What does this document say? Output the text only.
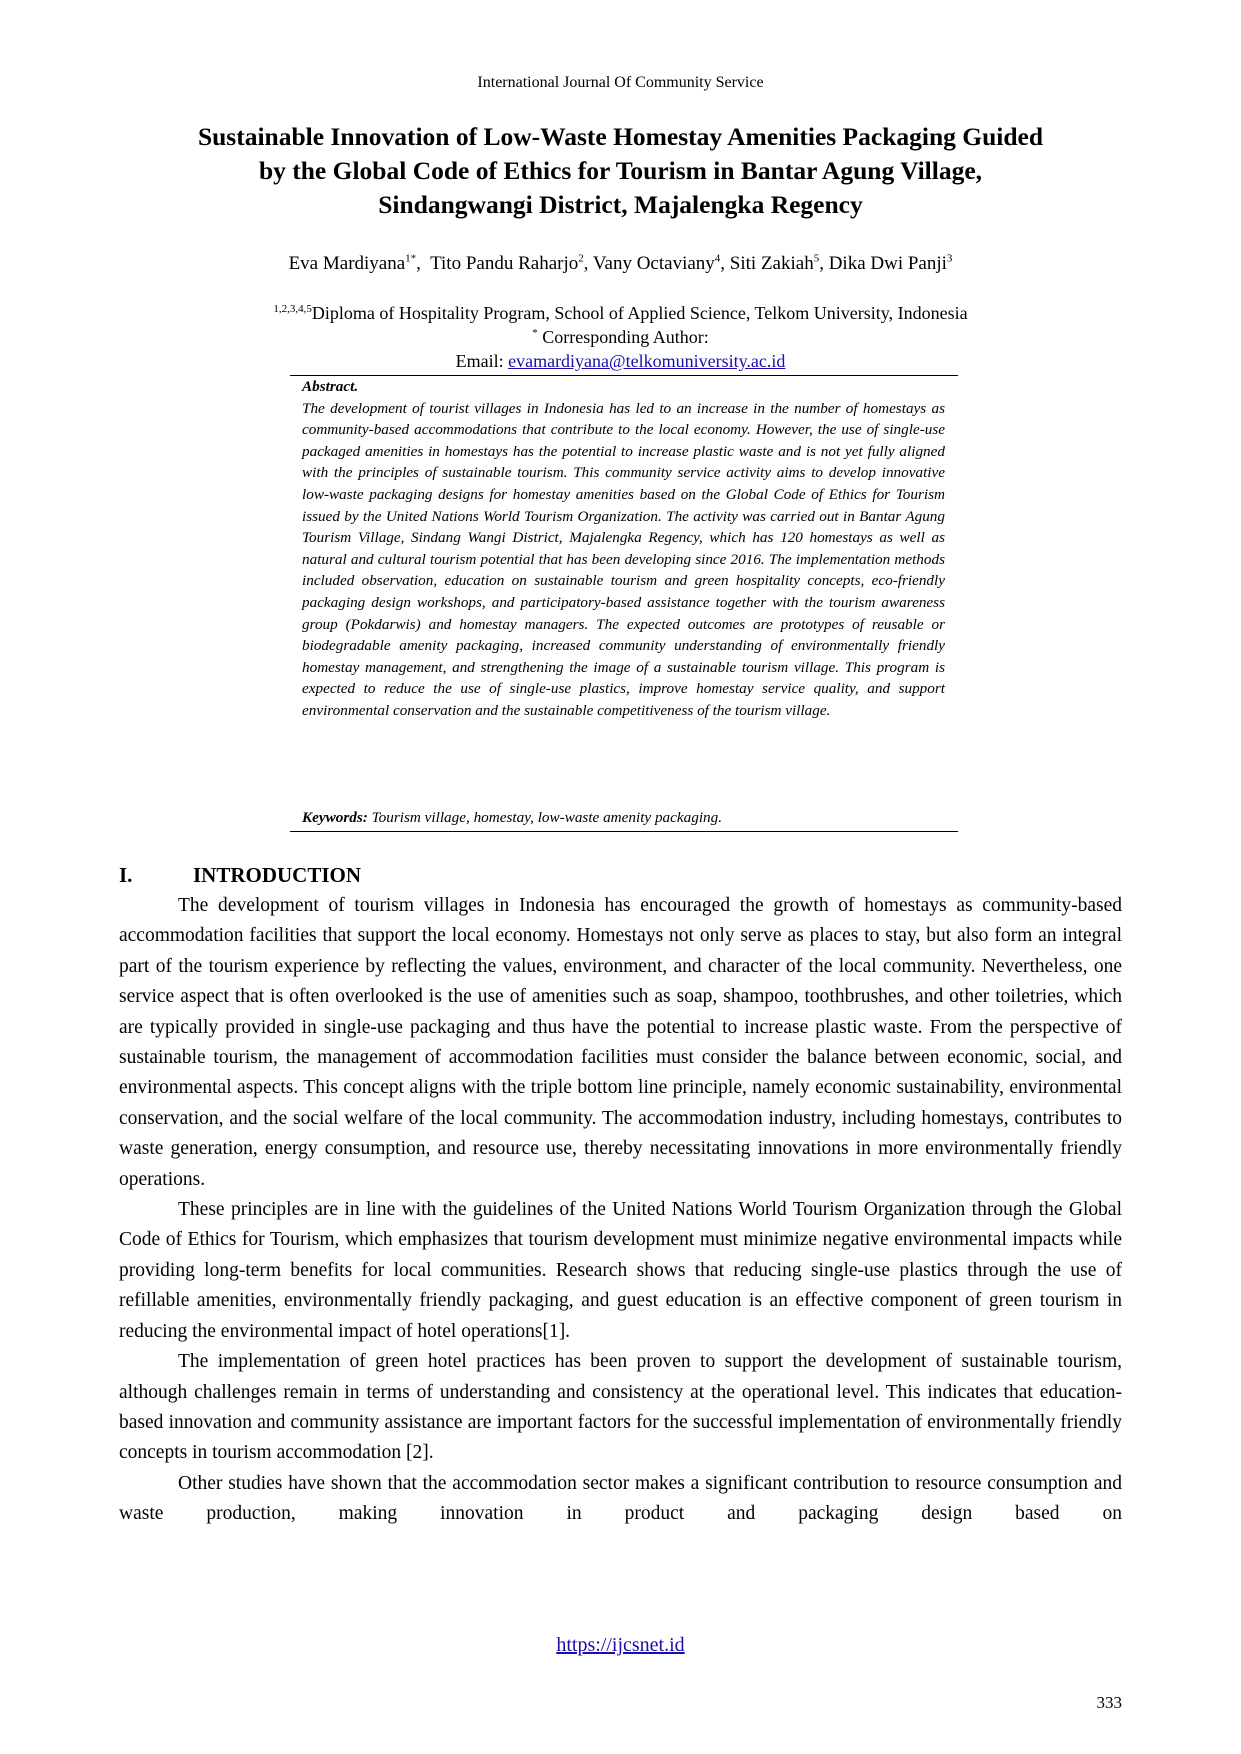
International Journal Of Community Service
Sustainable Innovation of Low-Waste Homestay Amenities Packaging Guided
by the Global Code of Ethics for Tourism in Bantar Agung Village,
Sindangwangi District, Majalengka Regency
Eva Mardiyana$^{1*}$,  Tito Pandu Raharjo$^2$, Vany Octaviany$^4$, Siti Zakiah$^5$, Dika Dwi Panji$^3$
$^{1,2,3,4,5}$Diploma of Hospitality Program, School of Applied Science, Telkom University, Indonesia
* Corresponding Author:
Email: evamardiyana@telkomuniversity.ac.id
Abstract.
The development of tourist villages in Indonesia has led to an increase in the number of homestays as community-based accommodations that contribute to the local economy. However, the use of single-use packaged amenities in homestays has the potential to increase plastic waste and is not yet fully aligned with the principles of sustainable tourism. This community service activity aims to develop innovative low-waste packaging designs for homestay amenities based on the Global Code of Ethics for Tourism issued by the United Nations World Tourism Organization. The activity was carried out in Bantar Agung Tourism Village, Sindang Wangi District, Majalengka Regency, which has 120 homestays as well as natural and cultural tourism potential that has been developing since 2016. The implementation methods included observation, education on sustainable tourism and green hospitality concepts, eco-friendly packaging design workshops, and participatory-based assistance together with the tourism awareness group (Pokdarwis) and homestay managers. The expected outcomes are prototypes of reusable or biodegradable amenity packaging, increased community understanding of environmentally friendly homestay management, and strengthening the image of a sustainable tourism village. This program is expected to reduce the use of single-use plastics, improve homestay service quality, and support environmental conservation and the sustainable competitiveness of the tourism village.
Keywords: Tourism village, homestay, low-waste amenity packaging.
I.	INTRODUCTION

The development of tourism villages in Indonesia has encouraged the growth of homestays as community-based accommodation facilities that support the local economy. Homestays not only serve as places to stay, but also form an integral part of the tourism experience by reflecting the values, environment, and character of the local community. Nevertheless, one service aspect that is often overlooked is the use of amenities such as soap, shampoo, toothbrushes, and other toiletries, which are typically provided in single-use packaging and thus have the potential to increase plastic waste. From the perspective of sustainable tourism, the management of accommodation facilities must consider the balance between economic, social, and environmental aspects. This concept aligns with the triple bottom line principle, namely economic sustainability, environmental conservation, and the social welfare of the local community. The accommodation industry, including homestays, contributes to waste generation, energy consumption, and resource use, thereby necessitating innovations in more environmentally friendly operations.

These principles are in line with the guidelines of the United Nations World Tourism Organization through the Global Code of Ethics for Tourism, which emphasizes that tourism development must minimize negative environmental impacts while providing long-term benefits for local communities. Research shows that reducing single-use plastics through the use of refillable amenities, environmentally friendly packaging, and guest education is an effective component of green tourism in reducing the environmental impact of hotel operations[1].

The implementation of green hotel practices has been proven to support the development of sustainable tourism, although challenges remain in terms of understanding and consistency at the operational level. This indicates that education-based innovation and community assistance are important factors for the successful implementation of environmentally friendly concepts in tourism accommodation [2].

Other studies have shown that the accommodation sector makes a significant contribution to resource consumption and waste production, making innovation in product and packaging design based on

https://ijcsnet.id
333
